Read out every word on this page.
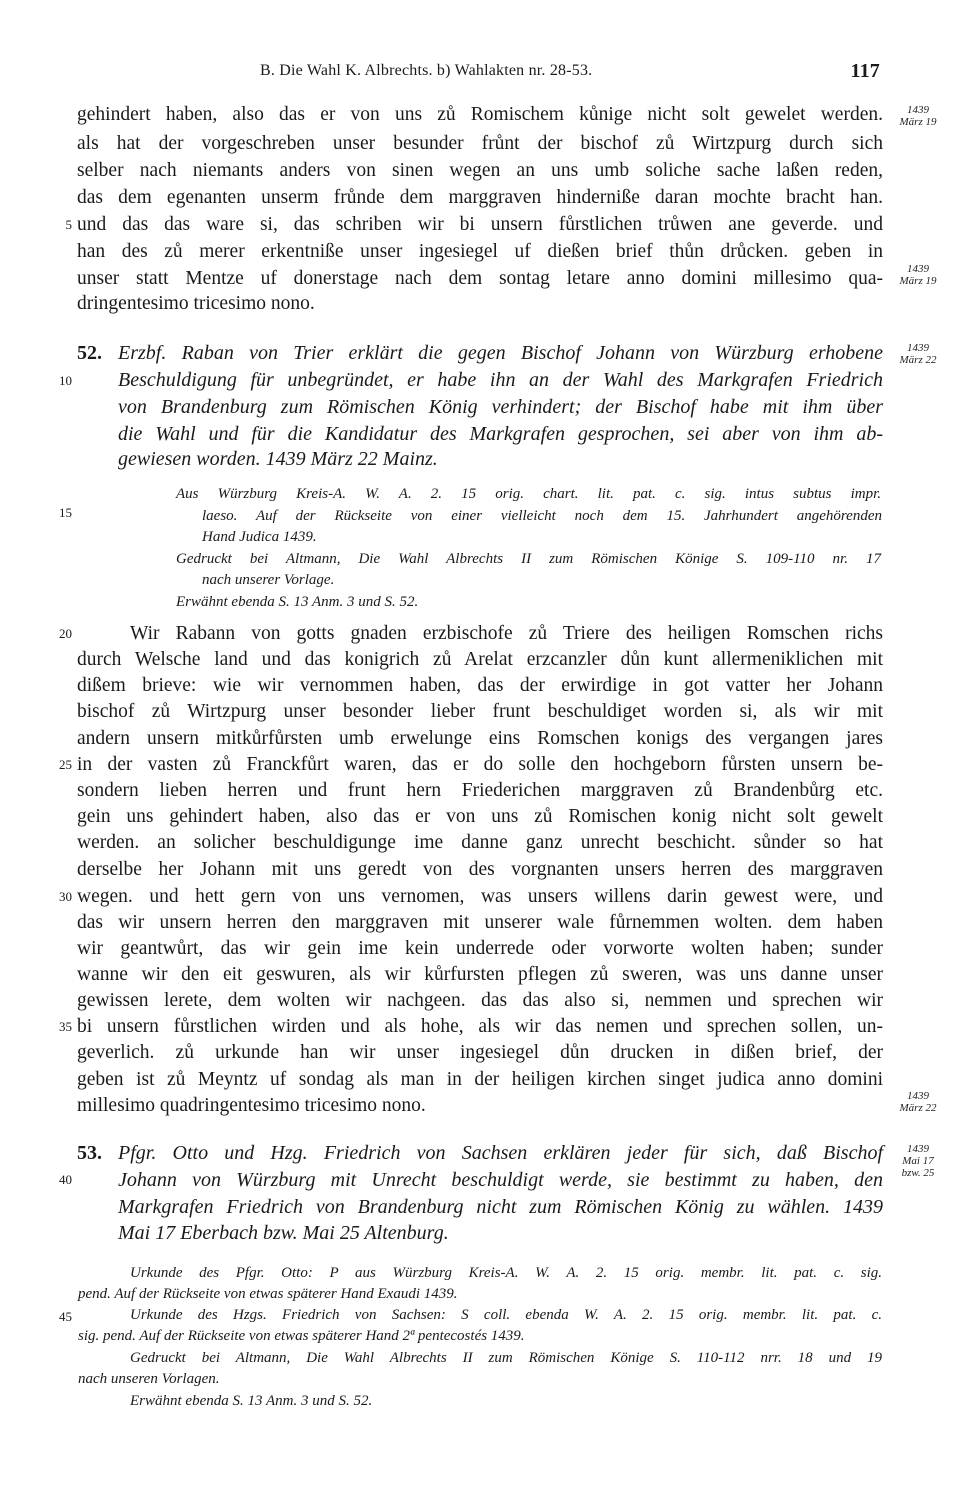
B. Die Wahl K. Albrechts. b) Wahlakten nr. 28-53.	117
gehindert haben, also das er von uns zů Romischem kůnige nicht solt gewelet werden.
als hat der vorgeschreben unser besunder frůnt der bischof zů Wirtzpurg durch sich
selber nach niemants anders von sinen wegen an uns umb soliche sache laßen reden,
das dem egenanten unserm frůnde dem marggraven hinderniße daran mochte bracht han.
und das das ware si, das schriben wir bi unsern fůrstlichen trůwen ane geverde. und
han des zů merer erkentniße unser ingesiegel uf dießen brief thůn drůcken. geben in
unser statt Mentze uf donerstage nach dem sontag letare anno domini millesimo qua-
dringentesimo tricesimo nono.
1439
März 19
1439
März 19
5
10
15
20
25
30
35
40
45
52. Erzbf. Raban von Trier erklärt die gegen Bischof Johann von Würzburg erhobene
Beschuldigung für unbegründet, er habe ihn an der Wahl des Markgrafen Friedrich
von Brandenburg zum Römischen König verhindert; der Bischof habe mit ihm über
die Wahl und für die Kandidatur des Markgrafen gesprochen, sei aber von ihm ab-
gewiesen worden. 1439 März 22 Mainz.
1439
März 22
Aus Würzburg Kreis-A. W. A. 2. 15 orig. chart. lit. pat. c. sig. intus subtus impr.
laeso. Auf der Rückseite von einer vielleicht noch dem 15. Jahrhundert angehörenden
Hand Judica 1439.
Gedruckt bei Altmann, Die Wahl Albrechts II zum Römischen Könige S. 109-110 nr. 17
nach unserer Vorlage.
Erwähnt ebenda S. 13 Anm. 3 und S. 52.
Wir Rabann von gotts gnaden erzbischofe zů Triere des heiligen Romschen richs
durch Welsche land und das konigrich zů Arelat erzcanzler důn kunt allermeniklichen mit
dißem brieve: wie wir vernommen haben, das der erwirdige in got vatter her Johann
bischof zů Wirtzpurg unser besonder lieber frunt beschuldiget worden si, als wir mit
andern unsern mitkůrfůrsten umb erwelunge eins Romschen konigs des vergangen jares
in der vasten zů Franckfůrt waren, das er do solle den hochgeborn fůrsten unsern be-
sondern lieben herren und frunt hern Friederichen marggraven zů Brandenbůrg etc.
gein uns gehindert haben, also das er von uns zů Romischen konig nicht solt gewelt
werden. an solicher beschuldigunge ime danne ganz unrecht beschicht. sůnder so hat
derselbe her Johann mit uns geredt von des vorgnanten unsers herren des marggraven
wegen. und hett gern von uns vernomen, was unsers willens darin gewest were, und
das wir unsern herren den marggraven mit unserer wale fůrnemmen wolten. dem haben
wir geantwůrt, das wir gein ime kein underrede oder vorworte wolten haben; sunder
wanne wir den eit geswuren, als wir kůrfursten pflegen zů sweren, was uns danne unser
gewissen lerete, dem wolten wir nachgeen. das das also si, nemmen und sprechen wir
bi unsern fůrstlichen wirden und als hohe, als wir das nemen und sprechen sollen, un-
geverlich. zů urkunde han wir unser ingesiegel důn drucken in dißen brief, der
geben ist zů Meyntz uf sondag als man in der heiligen kirchen singet judica anno domini
millesimo quadringentesimo tricesimo nono.	1439
März 22
53. Pfgr. Otto und Hzg. Friedrich von Sachsen erklären jeder für sich, daß Bischof
Johann von Würzburg mit Unrecht beschuldigt werde, sie bestimmt zu haben, den
Markgrafen Friedrich von Brandenburg nicht zum Römischen König zu wählen. 1439
Mai 17 Eberbach bzw. Mai 25 Altenburg.
1439
Mai 17
bzw. 25
Urkunde des Pfgr. Otto: P aus Würzburg Kreis-A. W. A. 2. 15 orig. membr. lit. pat. c. sig.
pend. Auf der Rückseite von etwas späterer Hand Exaudi 1439.
Urkunde des Hzgs. Friedrich von Sachsen: S coll. ebenda W. A. 2. 15 orig. membr. lit. pat. c.
sig. pend. Auf der Rückseite von etwas späterer Hand 2ª pentecostés 1439.
Gedruckt bei Altmann, Die Wahl Albrechts II zum Römischen Könige S. 110-112 nrr. 18 und 19
nach unseren Vorlagen.
Erwähnt ebenda S. 13 Anm. 3 und S. 52.
